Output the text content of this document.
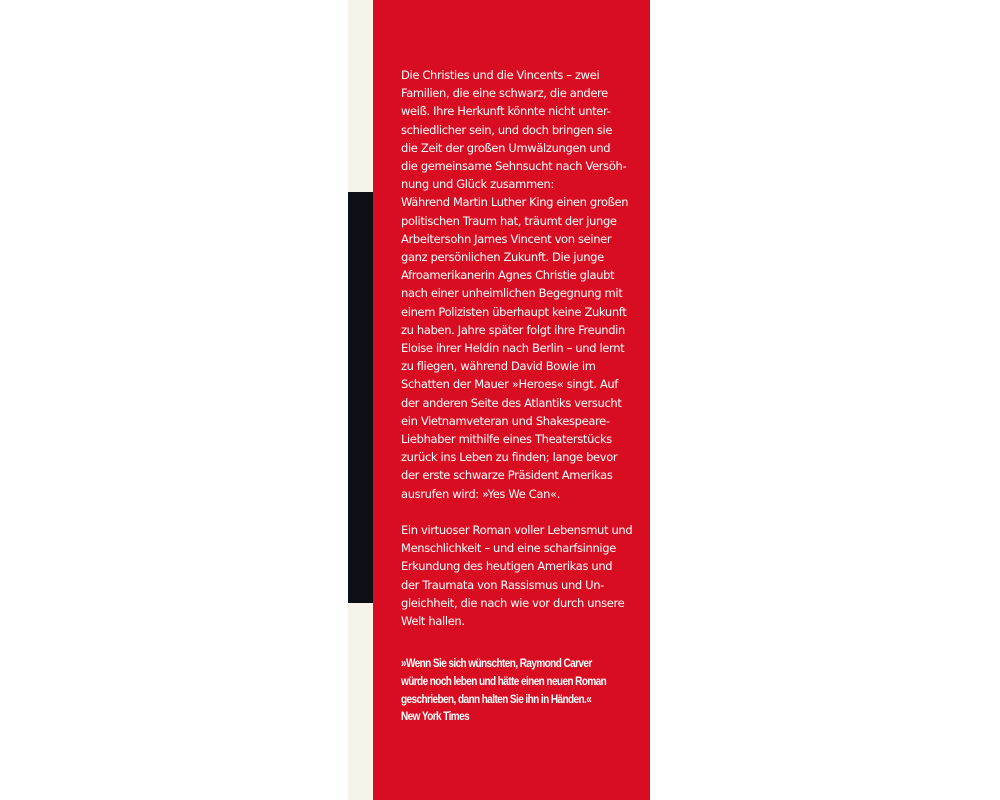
Die Christies und die Vincents – zwei
Familien, die eine schwarz, die andere
weiß. Ihre Herkunft könnte nicht unter-
schiedlicher sein, und doch bringen sie
die Zeit der großen Umwälzungen und
die gemeinsame Sehnsucht nach Versöh-
nung und Glück zusammen:
Während Martin Luther King einen großen
politischen Traum hat, träumt der junge
Arbeitersohn James Vincent von seiner
ganz persönlichen Zukunft. Die junge
Afroamerikanerin Agnes Christie glaubt
nach einer unheimlichen Begegnung mit
einem Polizisten überhaupt keine Zukunft
zu haben. Jahre später folgt ihre Freundin
Eloise ihrer Heldin nach Berlin – und lernt
zu fliegen, während David Bowie im
Schatten der Mauer »Heroes« singt. Auf
der anderen Seite des Atlantiks versucht
ein Vietnamveteran und Shakespeare-
Liebhaber mithilfe eines Theaterstücks
zurück ins Leben zu finden; lange bevor
der erste schwarze Präsident Amerikas
ausrufen wird: »Yes We Can«.

Ein virtuoser Roman voller Lebensmut und
Menschlichkeit – und eine scharfsinnige
Erkundung des heutigen Amerikas und
der Traumata von Rassismus und Un-
gleichheit, die nach wie vor durch unsere
Welt hallen.

»Wenn Sie sich wünschten, Raymond Carver
würde noch leben und hätte einen neuen Roman
geschrieben, dann halten Sie ihn in Händen.«
New York Times
